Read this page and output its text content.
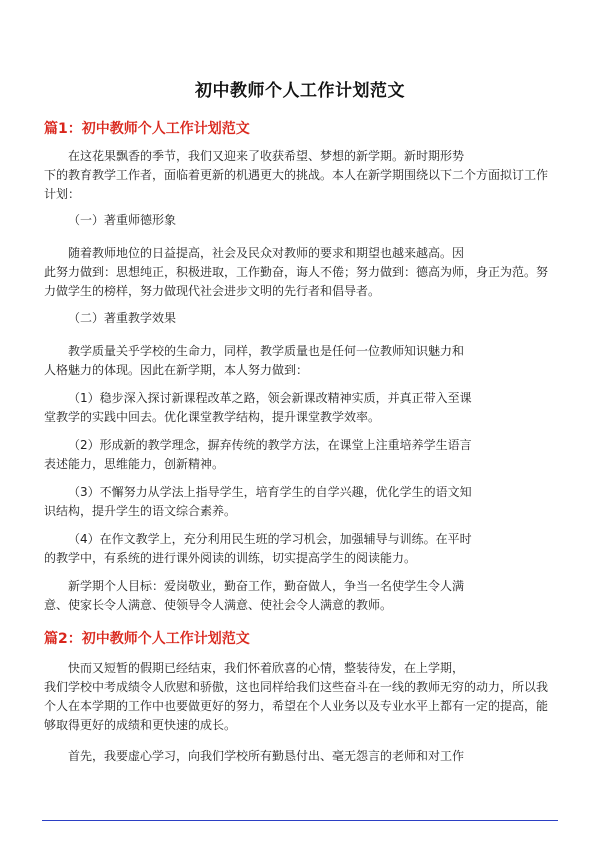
初中教师个人工作计划范文
篇1：初中教师个人工作计划范文
在这花果飘香的季节，我们又迎来了收获希望、梦想的新学期。新时期形势
下的教育教学工作者，面临着更新的机遇更大的挑战。本人在新学期围绕以下二个方面拟订工作
计划：
（一）著重师德形象
随着教师地位的日益提高，社会及民众对教师的要求和期望也越来越高。因
此努力做到：思想纯正，积极进取，工作勤奋，诲人不倦；努力做到：德高为师，身正为范。努
力做学生的榜样，努力做现代社会进步文明的先行者和倡导者。
（二）著重教学效果
教学质量关乎学校的生命力，同样，教学质量也是任何一位教师知识魅力和
人格魅力的体现。因此在新学期，本人努力做到：
（1）稳步深入探讨新课程改革之路，领会新课改精神实质，并真正带入至课
堂教学的实践中回去。优化课堂教学结构，提升课堂教学效率。
（2）形成新的教学理念，摒弃传统的教学方法，在课堂上注重培养学生语言
表述能力，思维能力，创新精神。
（3）不懈努力从学法上指导学生，培育学生的自学兴趣，优化学生的语文知
识结构，提升学生的语文综合素养。
（4）在作文教学上，充分利用民生班的学习机会，加强辅导与训练。在平时
的教学中，有系统的进行课外阅读的训练，切实提高学生的阅读能力。
新学期个人目标：爱岗敬业，勤奋工作，勤奋做人，争当一名使学生令人满
意、使家长令人满意、使领导令人满意、使社会令人满意的教师。
篇2：初中教师个人工作计划范文
快而又短暂的假期已经结束，我们怀着欣喜的心情，整装待发，在上学期，
我们学校中考成绩令人欣慰和骄傲，这也同样给我们这些奋斗在一线的教师无穷的动力，所以我
个人在本学期的工作中也要做更好的努力，希望在个人业务以及专业水平上都有一定的提高，能
够取得更好的成绩和更快速的成长。
首先，我要虚心学习，向我们学校所有勤恳付出、毫无怨言的老师和对工作
